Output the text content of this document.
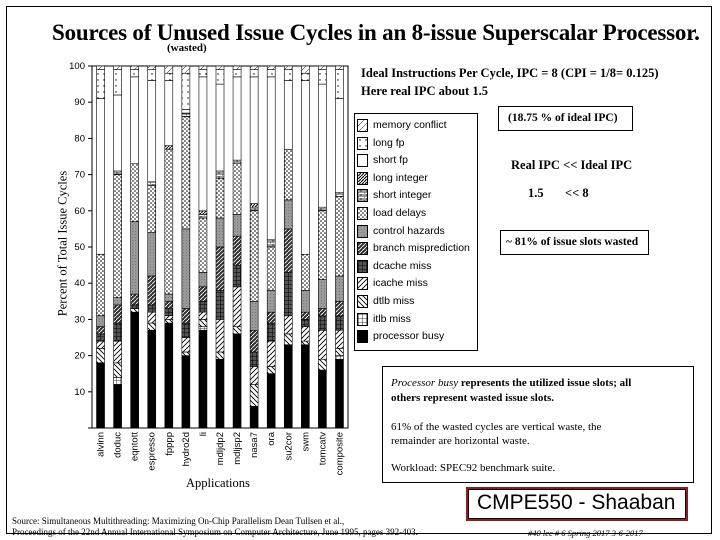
Sources of Unused Issue Cycles in an 8-issue Superscalar Processor.
(wasted)
10
20
30
40
50
60
70
80
90
100
alvinn doduc eqntott espresso fpppp hydro2d li mdljdp2 mdljsp2 nasa7 ora su2cor swm tomcatv composite
Percent of Total Issue Cycles
Applications
Ideal Instructions Per Cycle, IPC = 8 (CPI = 1/8= 0.125)
Here real IPC about 1.5
memory conflict
long fp
short fp
long integer
short integer
load delays
control hazards
branch misprediction
dcache miss
icache miss
dtlb miss
itlb miss
processor busy
(18.75 % of ideal IPC)
Real IPC << Ideal IPC
1.5 << 8
~ 81% of issue slots wasted
Processor busy represents the utilized issue slots; all
others represent wasted issue slots.
61% of the wasted cycles are vertical waste, the
remainder are horizontal waste.
Workload: SPEC92 benchmark suite.
Source: Simultaneous Multithreading: Maximizing On-Chip Parallelism Dean Tullsen et al.,
Proceedings of the 22nd Annual International Symposium on Computer Architecture, June 1995, pages 392-403.
CMPE550 - Shaaban
#40 lec # 6 Spring 2017 3-6-2017
